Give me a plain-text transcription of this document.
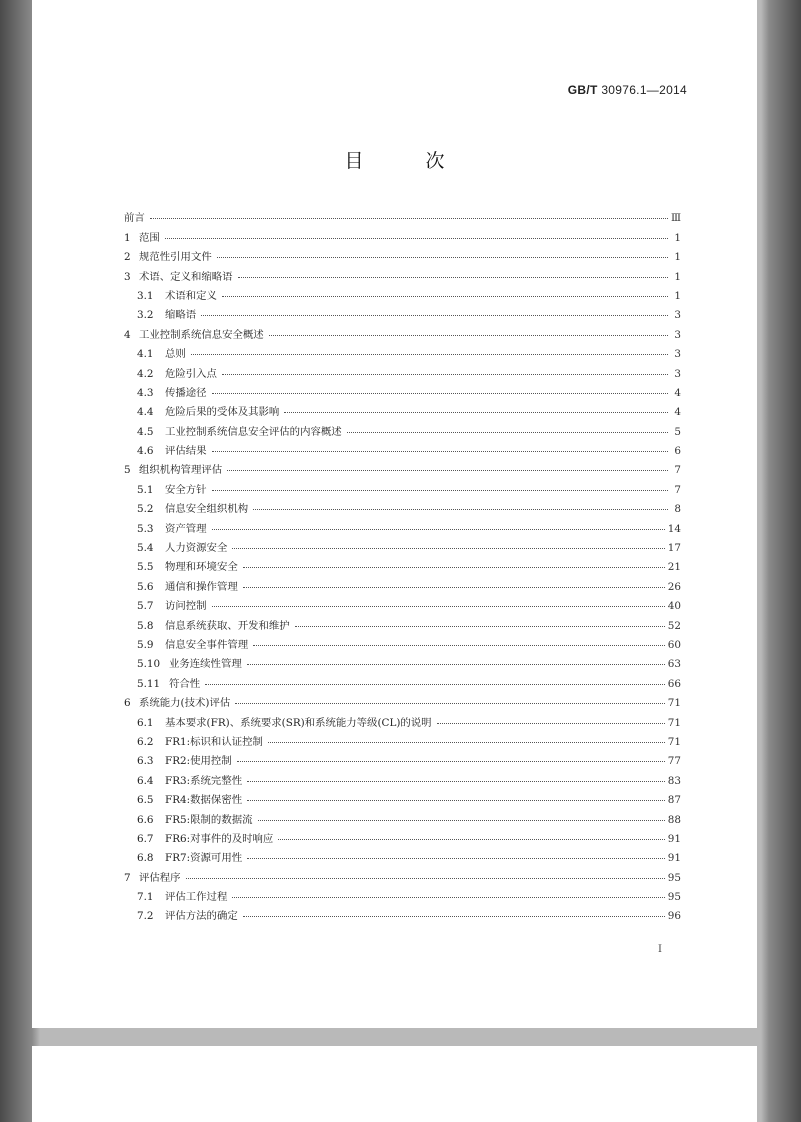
GB/T 30976.1—2014
目 次
前言	Ⅲ
1 范围	1
2 规范性引用文件	1
3 术语、定义和缩略语	1
3.1	术语和定义	1
3.2	缩略语	3
4 工业控制系统信息安全概述	3
4.1	总则	3
4.2	危险引入点	3
4.3	传播途径	4
4.4	危险后果的受体及其影响	4
4.5	工业控制系统信息安全评估的内容概述	5
4.6	评估结果	6
5 组织机构管理评估	7
5.1	安全方针	7
5.2	信息安全组织机构	8
5.3	资产管理	14
5.4	人力资源安全	17
5.5	物理和环境安全	21
5.6	通信和操作管理	26
5.7	访问控制	40
5.8	信息系统获取、开发和维护	52
5.9	信息安全事件管理	60
5.10 业务连续性管理	63
5.11 符合性	66
6 系统能力(技术)评估	71
6.1	基本要求(FR)、系统要求(SR)和系统能力等级(CL)的说明	71
6.2	FR1:标识和认证控制	71
6.3	FR2:使用控制	77
6.4	FR3:系统完整性	83
6.5	FR4:数据保密性	87
6.6	FR5:限制的数据流	88
6.7	FR6:对事件的及时响应	91
6.8	FR7:资源可用性	91
7 评估程序	95
7.1	评估工作过程	95
7.2	评估方法的确定	96
I
